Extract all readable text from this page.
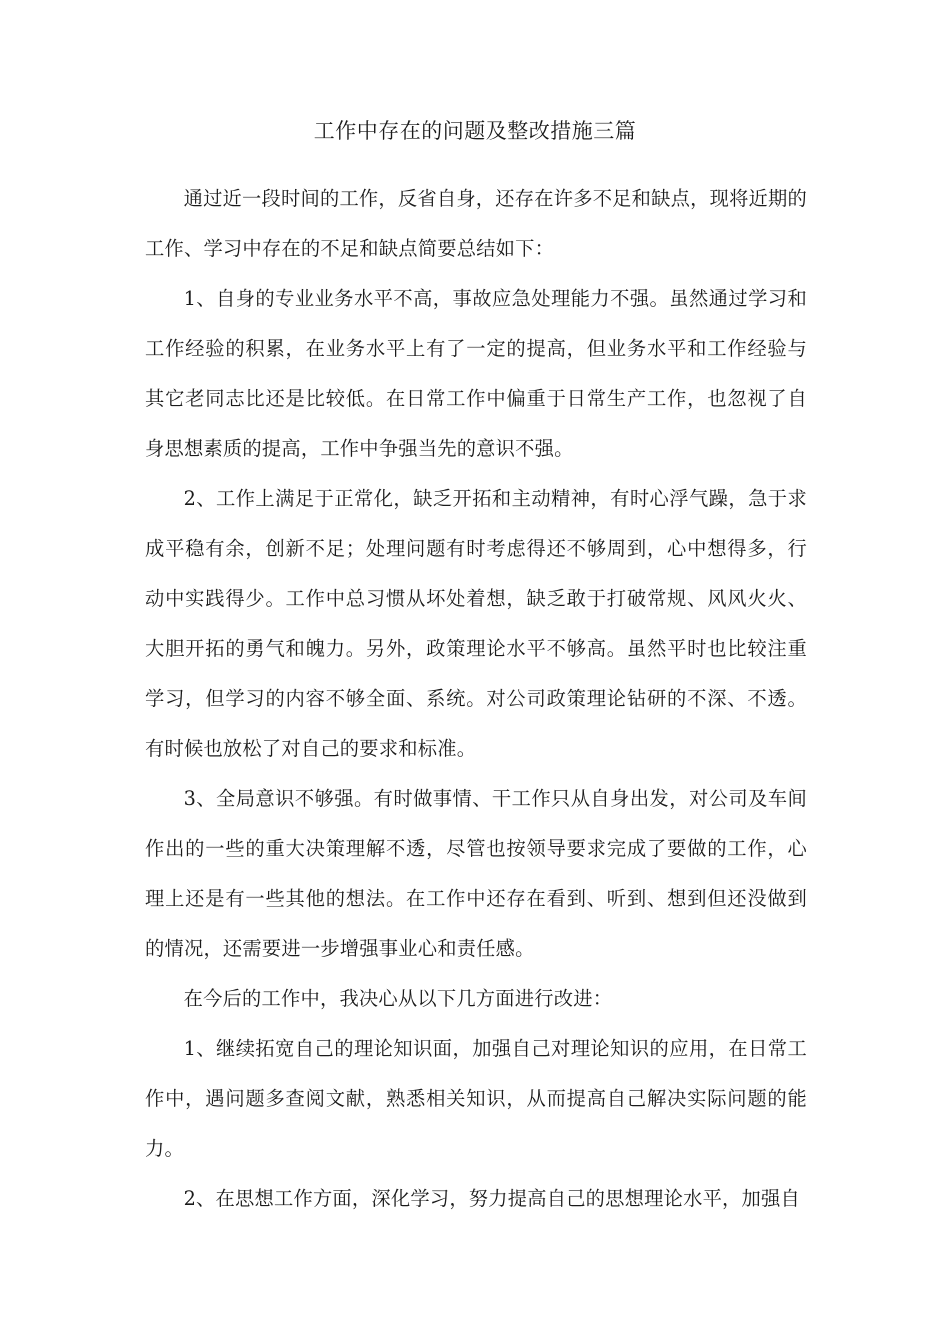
工作中存在的问题及整改措施三篇

通过近一段时间的工作，反省自身，还存在许多不足和缺点，现将近期的工作、学习中存在的不足和缺点简要总结如下：

1、自身的专业业务水平不高，事故应急处理能力不强。虽然通过学习和工作经验的积累，在业务水平上有了一定的提高，但业务水平和工作经验与其它老同志比还是比较低。在日常工作中偏重于日常生产工作，也忽视了自身思想素质的提高，工作中争强当先的意识不强。

2、工作上满足于正常化，缺乏开拓和主动精神，有时心浮气躁，急于求成平稳有余，创新不足；处理问题有时考虑得还不够周到，心中想得多，行动中实践得少。工作中总习惯从坏处着想，缺乏敢于打破常规、风风火火、大胆开拓的勇气和魄力。另外，政策理论水平不够高。虽然平时也比较注重学习，但学习的内容不够全面、系统。对公司政策理论钻研的不深、不透。有时候也放松了对自己的要求和标准。

3、全局意识不够强。有时做事情、干工作只从自身出发，对公司及车间作出的一些的重大决策理解不透，尽管也按领导要求完成了要做的工作，心理上还是有一些其他的想法。在工作中还存在看到、听到、想到但还没做到的情况，还需要进一步增强事业心和责任感。

在今后的工作中，我决心从以下几方面进行改进：

1、继续拓宽自己的理论知识面，加强自己对理论知识的应用，在日常工作中，遇问题多查阅文献，熟悉相关知识，从而提高自己解决实际问题的能力。

2、在思想工作方面，深化学习，努力提高自己的思想理论水平，加强自
